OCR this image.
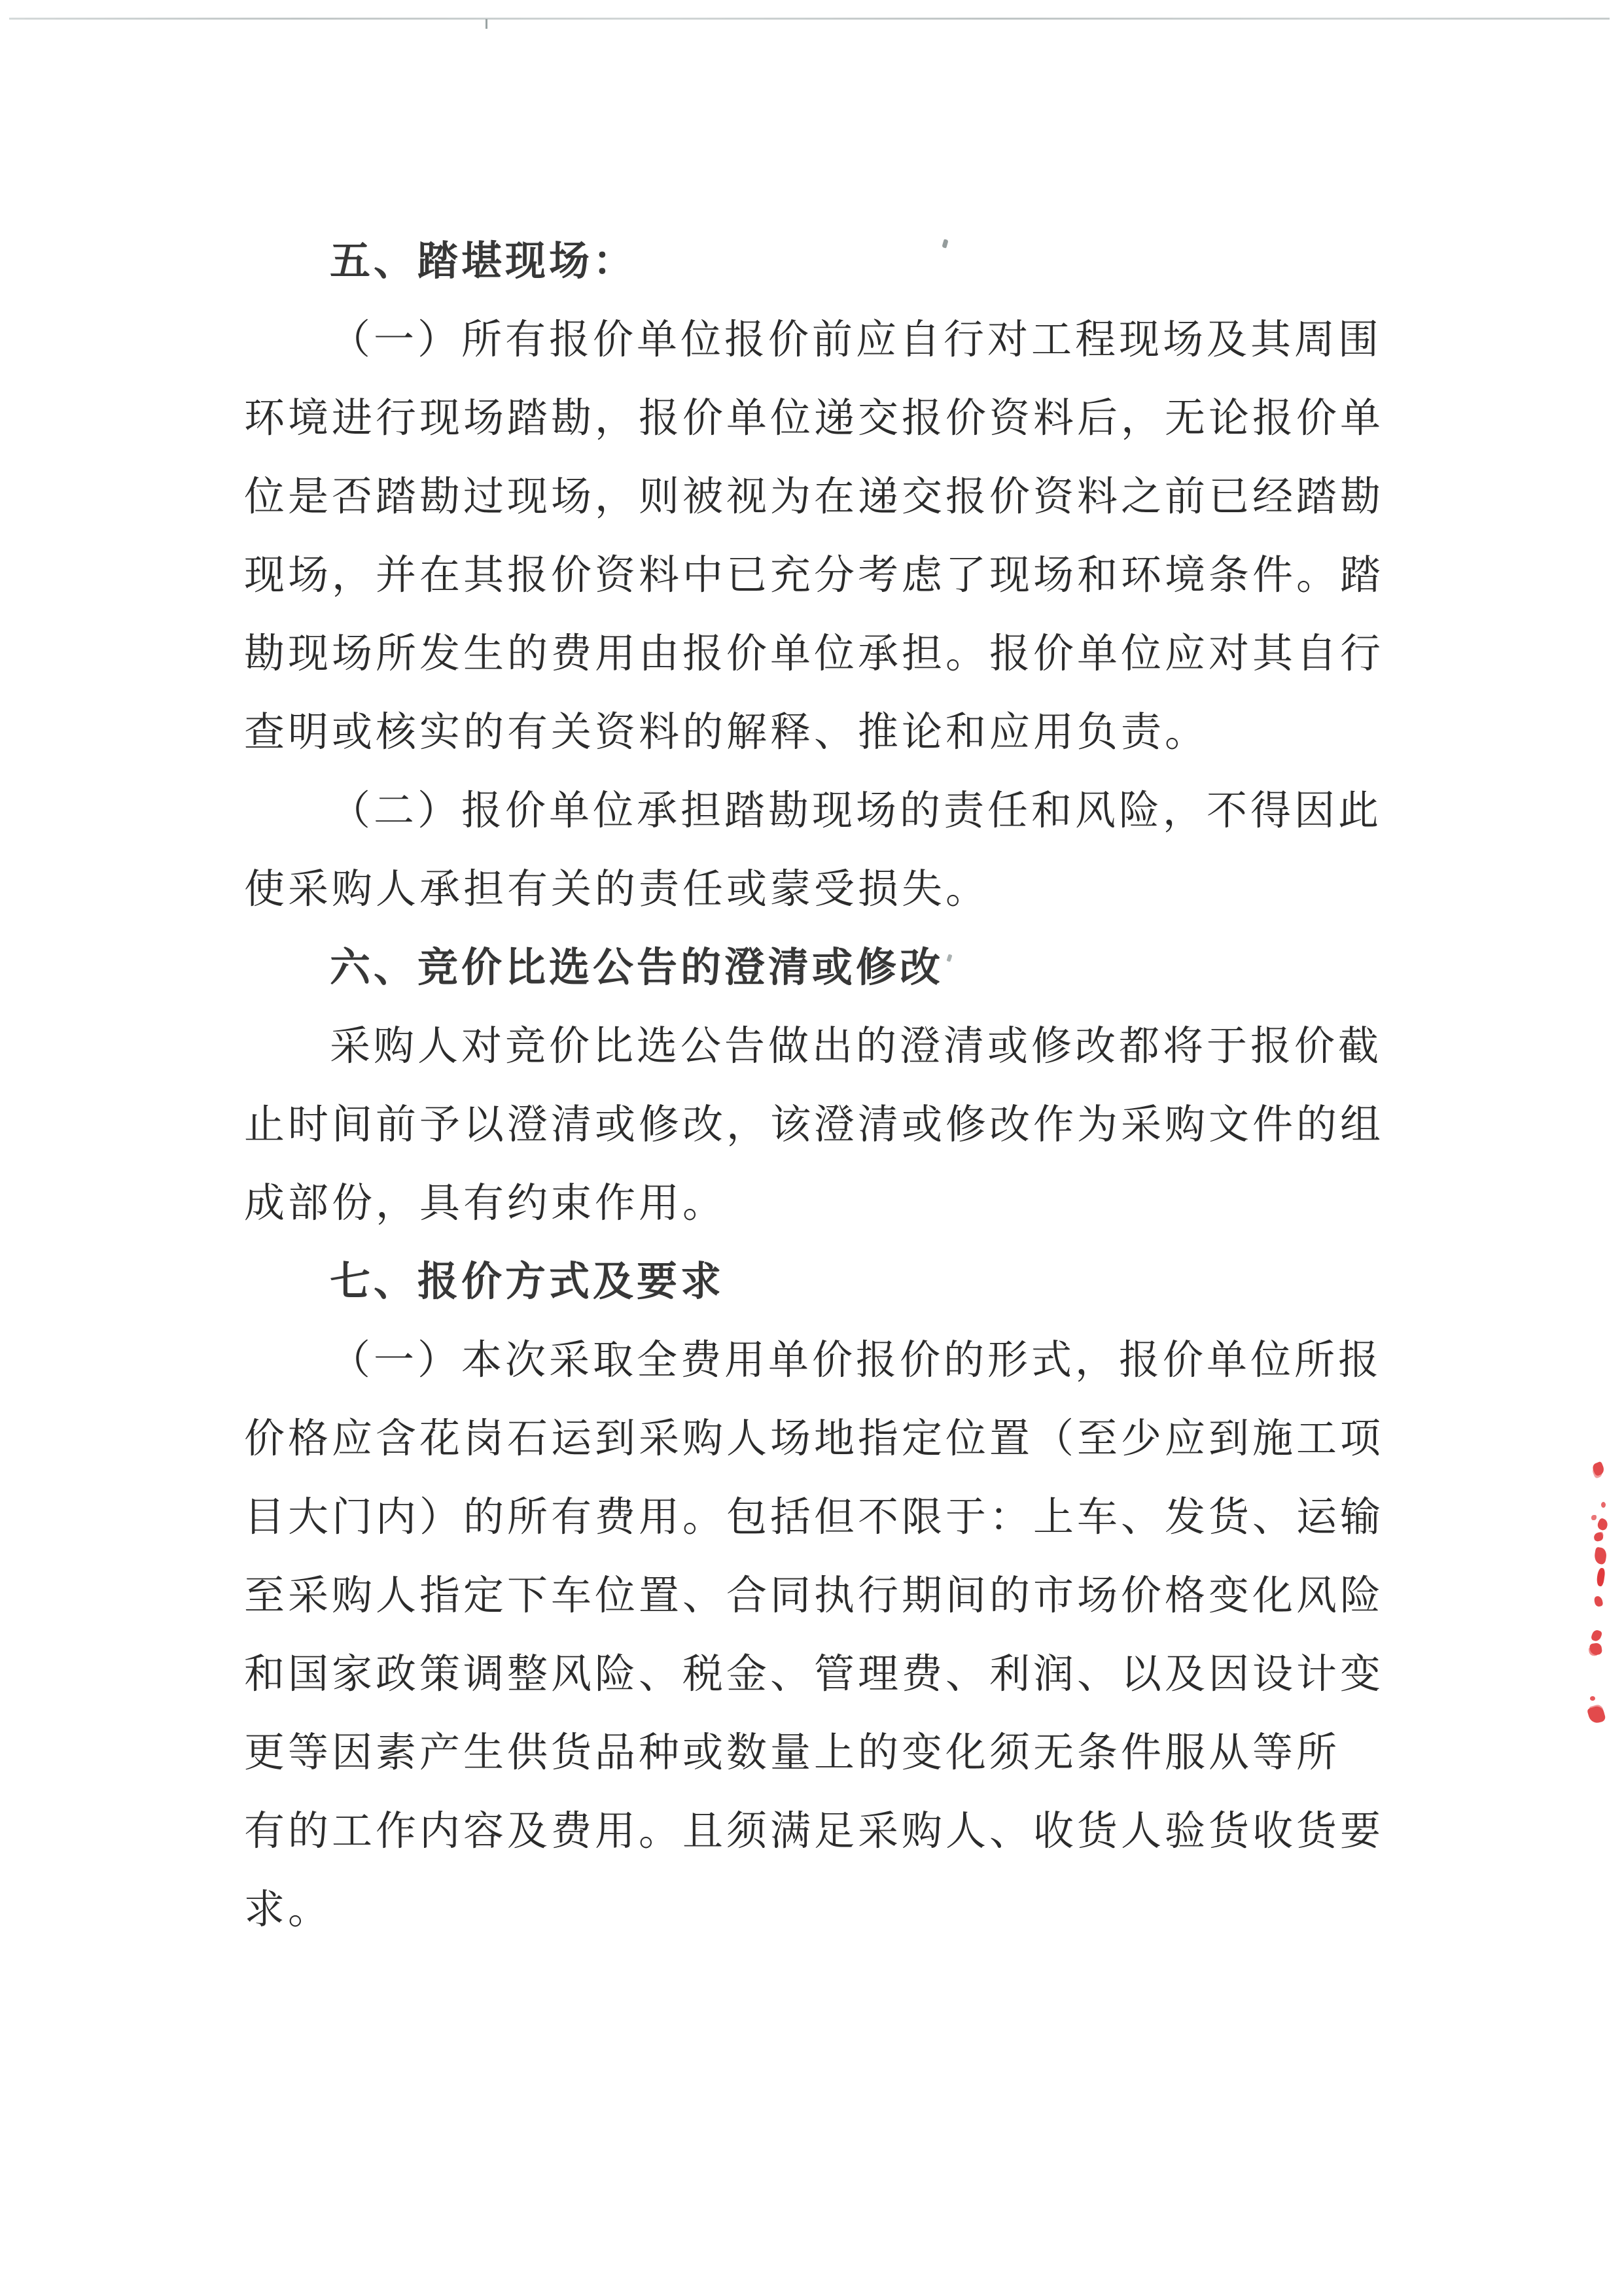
五、踏堪现场：
（一）所有报价单位报价前应自行对工程现场及其周围
环境进行现场踏勘，报价单位递交报价资料后，无论报价单
位是否踏勘过现场，则被视为在递交报价资料之前已经踏勘
现场，并在其报价资料中已充分考虑了现场和环境条件。踏
勘现场所发生的费用由报价单位承担。报价单位应对其自行
查明或核实的有关资料的解释、推论和应用负责。
（二）报价单位承担踏勘现场的责任和风险，不得因此
使采购人承担有关的责任或蒙受损失。
六、竞价比选公告的澄清或修改
采购人对竞价比选公告做出的澄清或修改都将于报价截
止时间前予以澄清或修改，该澄清或修改作为采购文件的组
成部份，具有约束作用。
七、报价方式及要求
（一）本次采取全费用单价报价的形式，报价单位所报
价格应含花岗石运到采购人场地指定位置（至少应到施工项
目大门内）的所有费用。包括但不限于：上车、发货、运输
至采购人指定下车位置、合同执行期间的市场价格变化风险
和国家政策调整风险、税金、管理费、利润、以及因设计变
更等因素产生供货品种或数量上的变化须无条件服从等所
有的工作内容及费用。且须满足采购人、收货人验货收货要
求。
